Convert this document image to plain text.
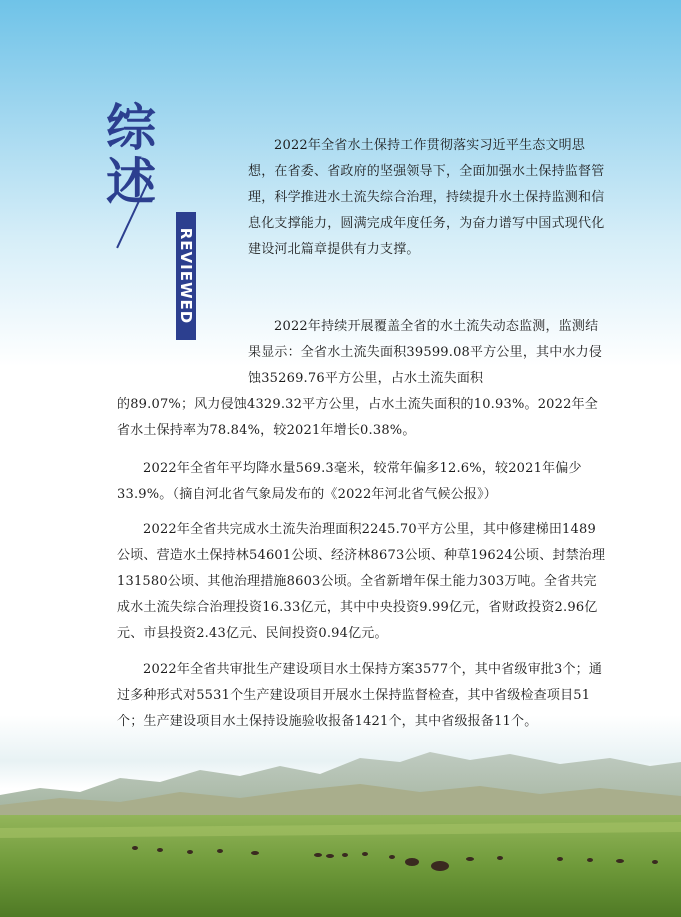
综
述
REVIEWED

2022年全省水土保持工作贯彻落实习近平生态文明思想，在省委、省政府的坚强领导下，全面加强水土保持监督管理，科学推进水土流失综合治理，持续提升水土保持监测和信息化支撑能力，圆满完成年度任务，为奋力谱写中国式现代化建设河北篇章提供有力支撑。

2022年持续开展覆盖全省的水土流失动态监测，监测结果显示：全省水土流失面积39599.08平方公里，其中水力侵蚀35269.76平方公里，占水土流失面积

的89.07%；风力侵蚀4329.32平方公里，占水土流失面积的10.93%。2022年全省水土保持率为78.84%，较2021年增长0.38%。

2022年全省年平均降水量569.3毫米，较常年偏多12.6%，较2021年偏少33.9%。（摘自河北省气象局发布的《2022年河北省气候公报》）

2022年全省共完成水土流失治理面积2245.70平方公里，其中修建梯田1489公顷、营造水土保持林54601公顷、经济林8673公顷、种草19624公顷、封禁治理131580公顷、其他治理措施8603公顷。全省新增年保土能力303万吨。全省共完成水土流失综合治理投资16.33亿元，其中中央投资9.99亿元，省财政投资2.96亿元、市县投资2.43亿元、民间投资0.94亿元。

2022年全省共审批生产建设项目水土保持方案3577个，其中省级审批3个；通过多种形式对5531个生产建设项目开展水土保持监督检查，其中省级检查项目51个；生产建设项目水土保持设施验收报备1421个，其中省级报备11个。
